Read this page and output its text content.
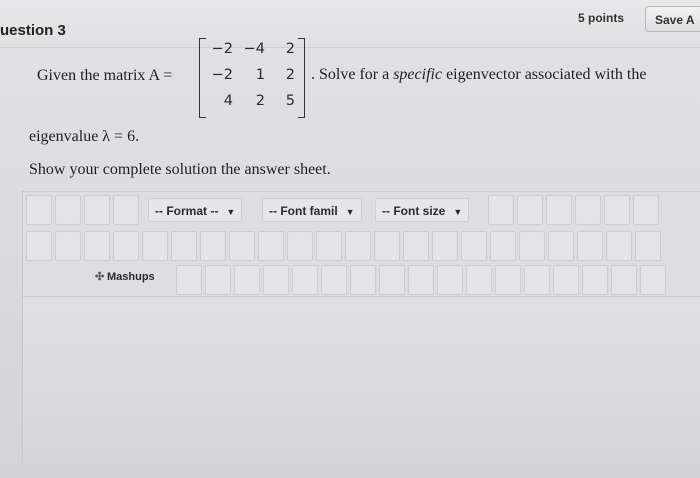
uestion 3
5 points	Save A
Given the matrix A =
−2 −4	2
−2	1	2
4	2	5
. Solve for a specific eigenvector associated with the
eigenvalue λ = 6.
Show your complete solution the answer sheet.
-- Format -- ▼	-- Font famil ▼	-- Font size ▼
✣ Mashups
